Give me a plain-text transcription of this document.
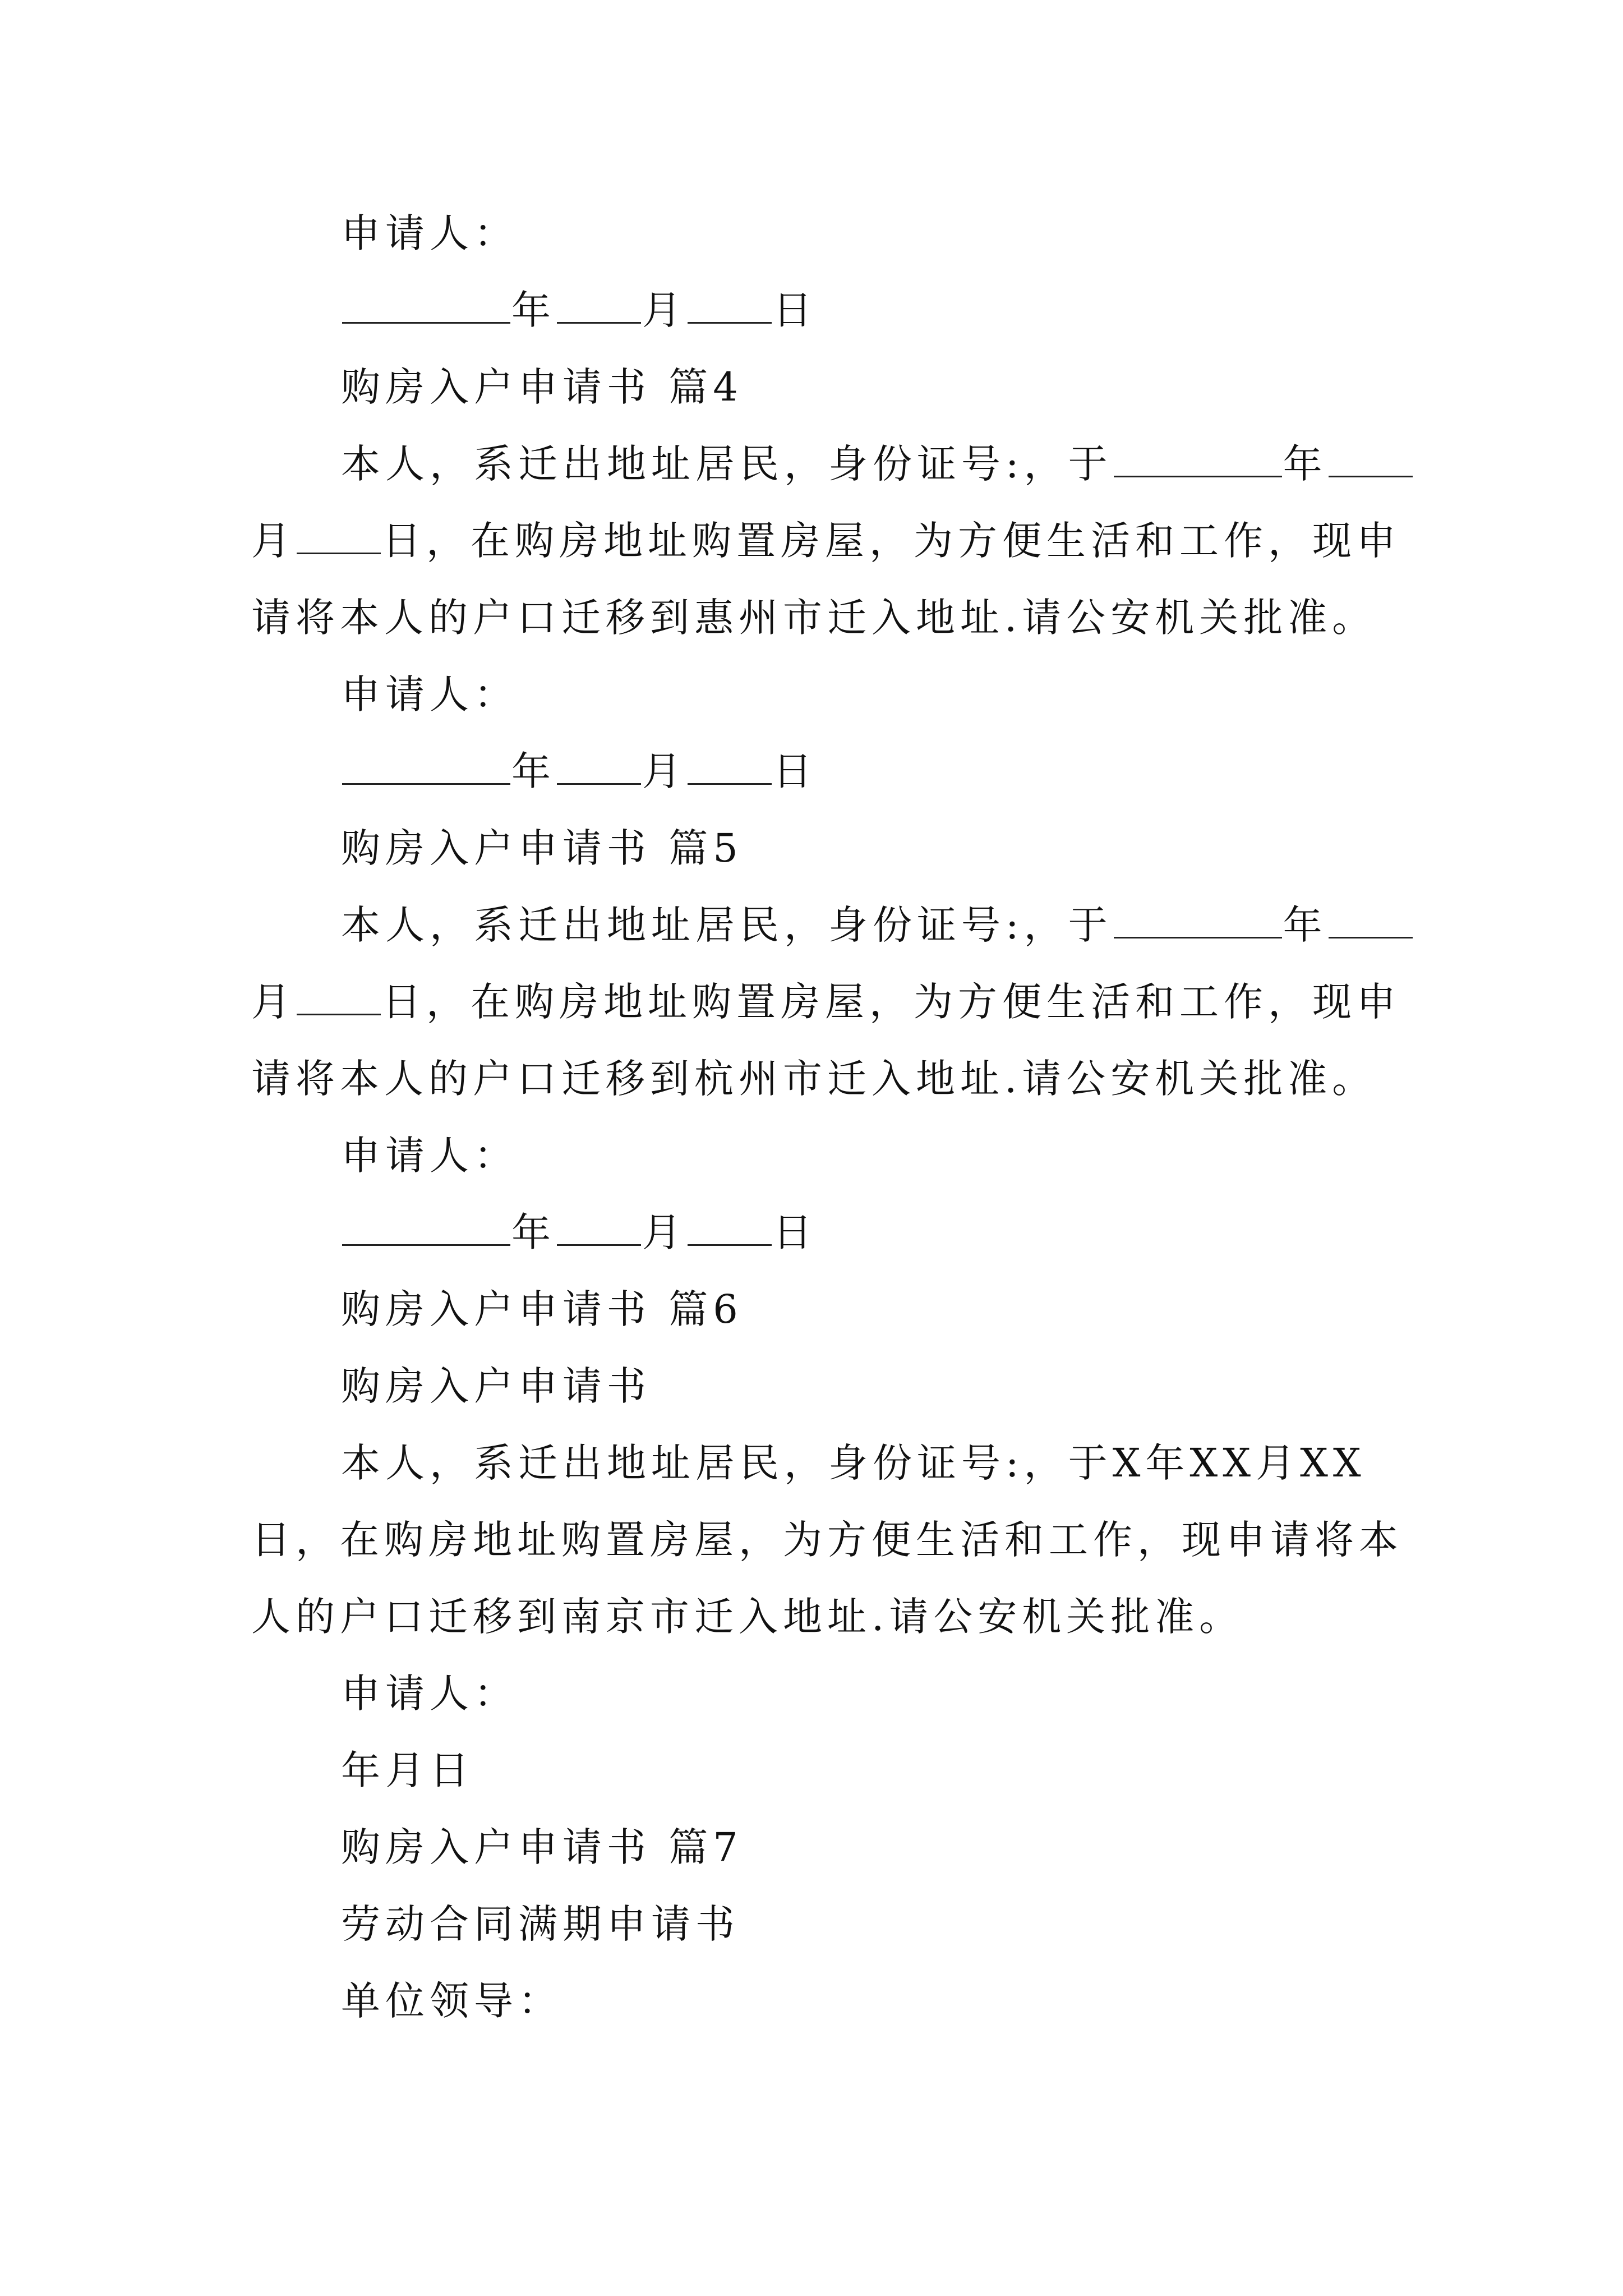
申请人：
年 月 日
购房入户申请书 篇4
本人，系迁出地址居民，身份证号:，于	年
月 日，在购房地址购置房屋，为方便生活和工作，现申
请将本人的户口迁移到惠州市迁入地址.请公安机关批准。
申请人：
年 月 日
购房入户申请书 篇5
本人，系迁出地址居民，身份证号:，于	年
月 日，在购房地址购置房屋，为方便生活和工作，现申
请将本人的户口迁移到杭州市迁入地址.请公安机关批准。
申请人：
年 月 日
购房入户申请书 篇6
购房入户申请书
本人，系迁出地址居民，身份证号:，于X年XX月XX
日，在购房地址购置房屋，为方便生活和工作，现申请将本
人的户口迁移到南京市迁入地址.请公安机关批准。
申请人：
年月日
购房入户申请书 篇7
劳动合同满期申请书
单位领导：
